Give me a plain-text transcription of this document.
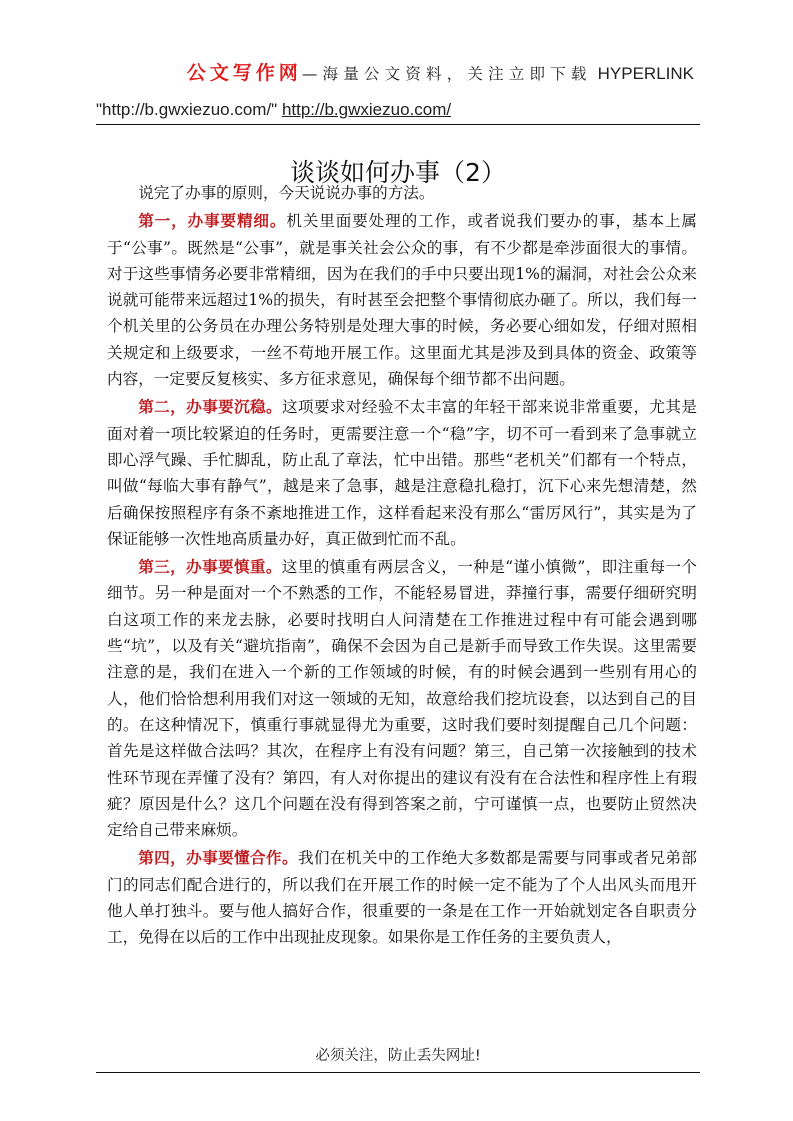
公文写作网—海量公文资料，关注立即下载 HYPERLINK
"http://b.gwxiezuo.com/" http://b.gwxiezuo.com/
谈谈如何办事（2）

说完了办事的原则，今天说说办事的方法。

第一，办事要精细。机关里面要处理的工作，或者说我们要办的事，基本上属于“公事”。既然是“公事”，就是事关社会公众的事，有不少都是牵涉面很大的事情。对于这些事情务必要非常精细，因为在我们的手中只要出现1%的漏洞，对社会公众来说就可能带来远超过1%的损失，有时甚至会把整个事情彻底办砸了。所以，我们每一个机关里的公务员在办理公务特别是处理大事的时候，务必要心细如发，仔细对照相关规定和上级要求，一丝不苟地开展工作。这里面尤其是涉及到具体的资金、政策等内容，一定要反复核实、多方征求意见，确保每个细节都不出问题。

第二，办事要沉稳。这项要求对经验不太丰富的年轻干部来说非常重要，尤其是面对着一项比较紧迫的任务时，更需要注意一个“稳”字，切不可一看到来了急事就立即心浮气躁、手忙脚乱，防止乱了章法，忙中出错。那些“老机关”们都有一个特点，叫做“每临大事有静气”，越是来了急事，越是注意稳扎稳打，沉下心来先想清楚，然后确保按照程序有条不紊地推进工作，这样看起来没有那么“雷厉风行”，其实是为了保证能够一次性地高质量办好，真正做到忙而不乱。

第三，办事要慎重。这里的慎重有两层含义，一种是“谨小慎微”，即注重每一个细节。另一种是面对一个不熟悉的工作，不能轻易冒进，莽撞行事，需要仔细研究明白这项工作的来龙去脉，必要时找明白人问清楚在工作推进过程中有可能会遇到哪些“坑”，以及有关“避坑指南”，确保不会因为自己是新手而导致工作失误。这里需要注意的是，我们在进入一个新的工作领域的时候，有的时候会遇到一些别有用心的人，他们恰恰想利用我们对这一领域的无知，故意给我们挖坑设套，以达到自己的目的。在这种情况下，慎重行事就显得尤为重要，这时我们要时刻提醒自己几个问题：首先是这样做合法吗？其次，在程序上有没有问题？第三，自己第一次接触到的技术性环节现在弄懂了没有？第四，有人对你提出的建议有没有在合法性和程序性上有瑕疵？原因是什么？这几个问题在没有得到答案之前，宁可谨慎一点，也要防止贸然决定给自己带来麻烦。

第四，办事要懂合作。我们在机关中的工作绝大多数都是需要与同事或者兄弟部门的同志们配合进行的，所以我们在开展工作的时候一定不能为了个人出风头而甩开他人单打独斗。要与他人搞好合作，很重要的一条是在工作一开始就划定各自职责分工，免得在以后的工作中出现扯皮现象。如果你是工作任务的主要负责人，

必须关注，防止丢失网址!
